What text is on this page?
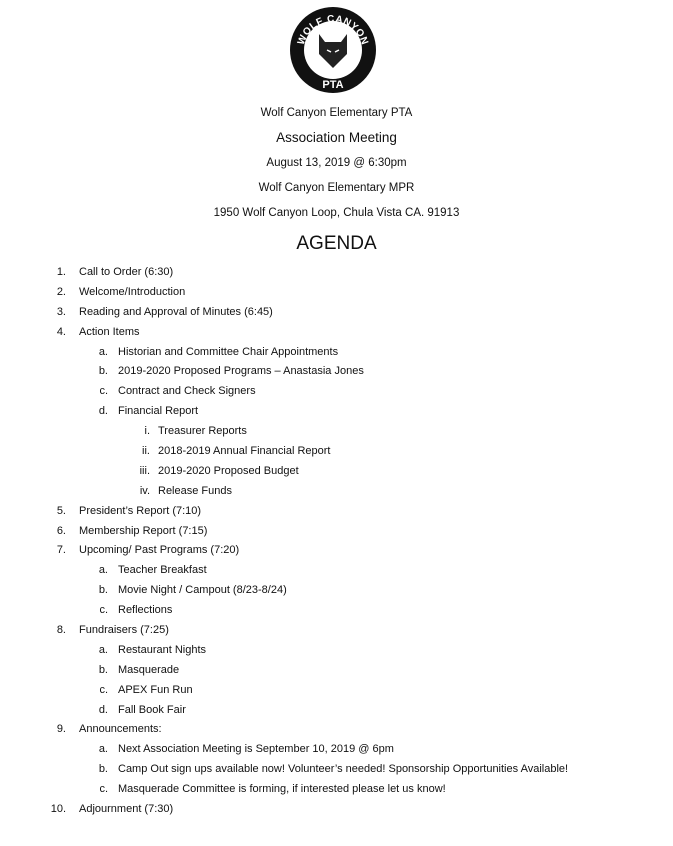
WOLF CANYON
PTA
Wolf Canyon Elementary PTA
Association Meeting
August 13, 2019 @ 6:30pm
Wolf Canyon Elementary MPR
1950 Wolf Canyon Loop, Chula Vista CA. 91913
AGENDA
1. Call to Order (6:30)
2. Welcome/Introduction
3. Reading and Approval of Minutes (6:45)
4. Action Items
a. Historian and Committee Chair Appointments
b. 2019-2020 Proposed Programs – Anastasia Jones
c. Contract and Check Signers
d. Financial Report
i. Treasurer Reports
ii. 2018-2019 Annual Financial Report
iii. 2019-2020 Proposed Budget
iv. Release Funds
5. President’s Report (7:10)
6. Membership Report (7:15)
7. Upcoming/ Past Programs (7:20)
a. Teacher Breakfast
b. Movie Night / Campout (8/23-8/24)
c. Reflections
8. Fundraisers (7:25)
a. Restaurant Nights
b. Masquerade
c. APEX Fun Run
d. Fall Book Fair
9. Announcements:
a. Next Association Meeting is September 10, 2019 @ 6pm
b. Camp Out sign ups available now! Volunteer’s needed! Sponsorship Opportunities Available!
c. Masquerade Committee is forming, if interested please let us know!
10. Adjournment (7:30)
